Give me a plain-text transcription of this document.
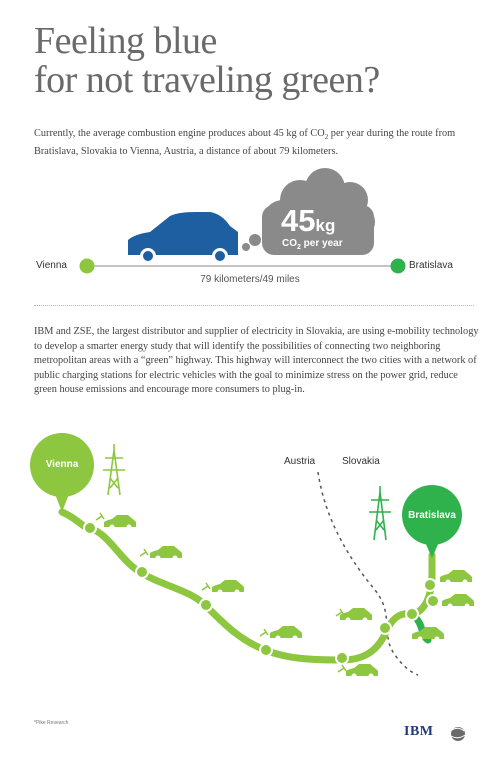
Feeling blue
for not traveling green?

Currently, the average combustion engine produces about 45 kg of $CO_2$ per year during the route from Bratislava, Slovakia to Vienna, Austria, a distance of about 79 kilometers.

Vienna	Bratislava
79 kilometers/49 miles
45kg
$CO_2$ per year

IBM and ZSE, the largest distributor and supplier of electricity in Slovakia, are using e-mobility technology to develop a smarter energy study that will identify the possibilities of connecting two neighboring metropolitan areas with a “green” highway. This highway will interconnect the two cities with a network of public charging stations for electric vehicles with the goal to minimize stress on the power grid, reduce green house emissions and encourage more consumers to plug-in.

Vienna
Bratislava
Austria	Slovakia
*Pike Research
IBM
